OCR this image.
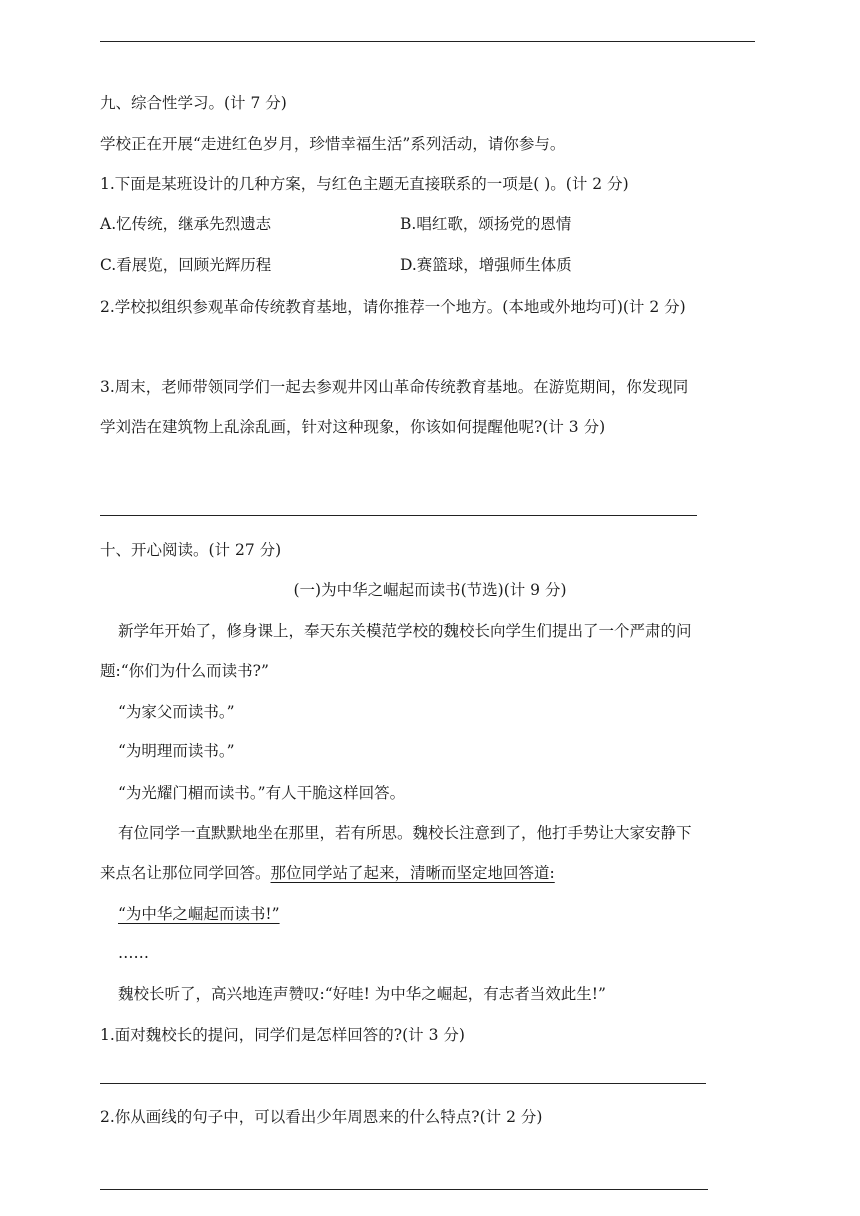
九、综合性学习。(计 7 分)
学校正在开展“走进红色岁月，珍惜幸福生活”系列活动，请你参与。
1.下面是某班设计的几种方案，与红色主题无直接联系的一项是( )。(计 2 分)
A.忆传统，继承先烈遗志	B.唱红歌，颂扬党的恩情
C.看展览，回顾光辉历程	D.赛篮球，增强师生体质
2.学校拟组织参观革命传统教育基地，请你推荐一个地方。(本地或外地均可)(计 2 分)
3.周末，老师带领同学们一起去参观井冈山革命传统教育基地。在游览期间，你发现同
学刘浩在建筑物上乱涂乱画，针对这种现象，你该如何提醒他呢?(计 3 分)
十、开心阅读。(计 27 分)
(一)为中华之崛起而读书(节选)(计 9 分)
新学年开始了，修身课上，奉天东关模范学校的魏校长向学生们提出了一个严肃的问
题:“你们为什么而读书?”
“为家父而读书。”
“为明理而读书。”
“为光耀门楣而读书。”有人干脆这样回答。
有位同学一直默默地坐在那里，若有所思。魏校长注意到了，他打手势让大家安静下
来点名让那位同学回答。那位同学站了起来，清晰而坚定地回答道:
“为中华之崛起而读书!”
……
魏校长听了，高兴地连声赞叹:“好哇! 为中华之崛起，有志者当效此生!”
1.面对魏校长的提问，同学们是怎样回答的?(计 3 分)
2.你从画线的句子中，可以看出少年周恩来的什么特点?(计 2 分)
